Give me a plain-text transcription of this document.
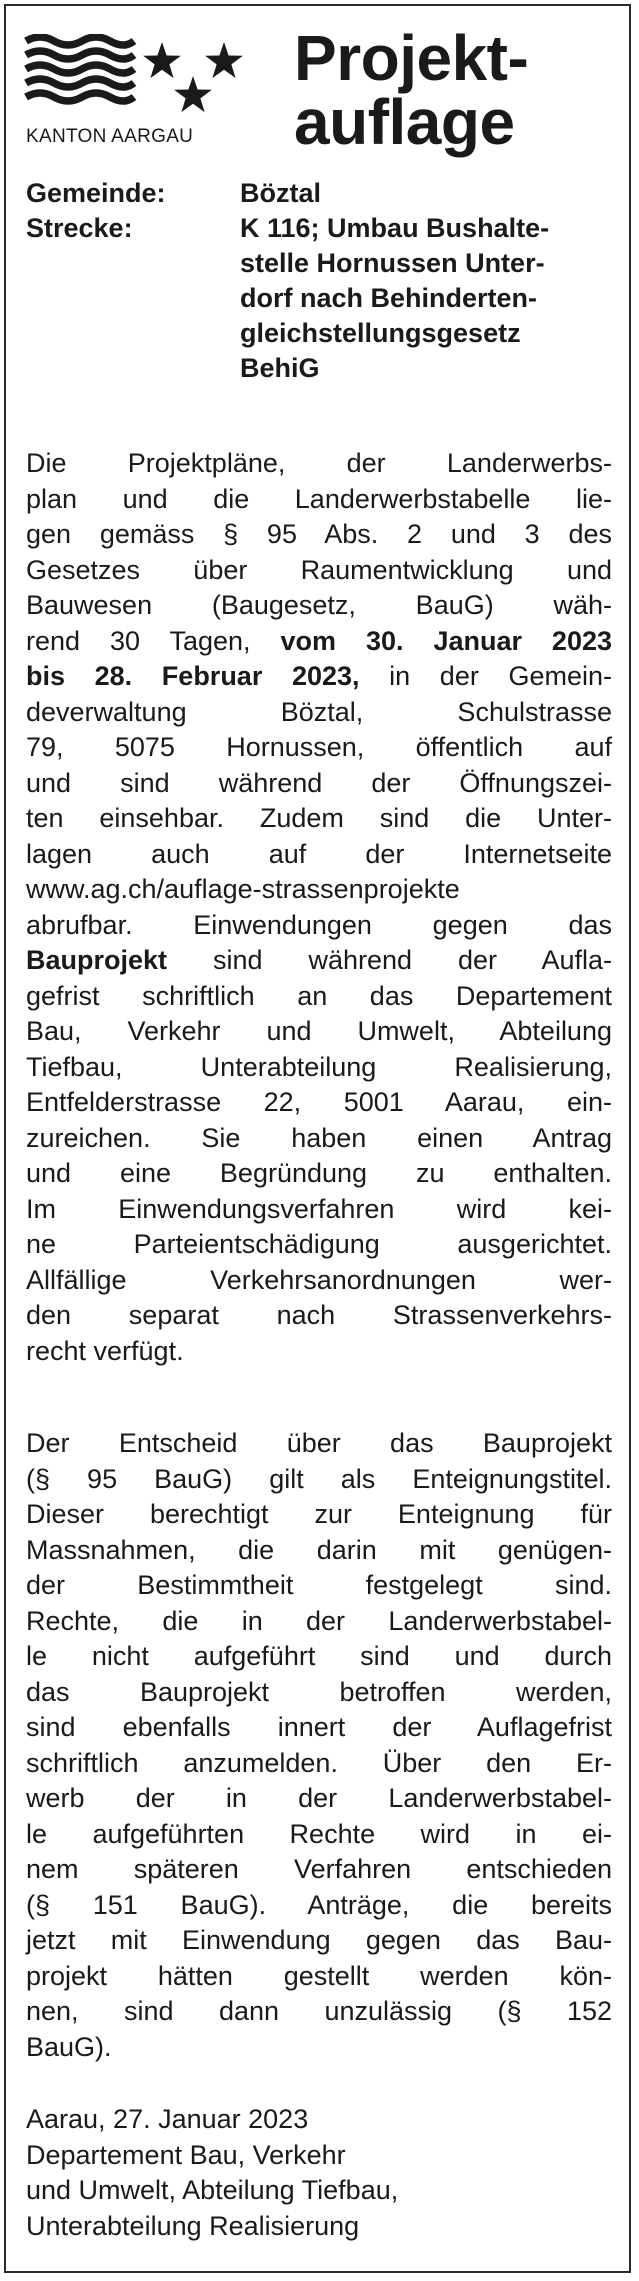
KANTON AARGAU
Projekt-
auflage
Gemeinde:	Böztal
Strecke:	K 116; Umbau Bushalte-
stelle Hornussen Unter-
dorf nach Behinderten-
gleichstellungsgesetz
BehiG
Die Projektpläne, der Landerwerbs-
plan und die Landerwerbstabelle lie-
gen gemäss § 95 Abs. 2 und 3 des
Gesetzes über Raumentwicklung und
Bauwesen (Baugesetz, BauG) wäh-
rend 30 Tagen, vom 30. Januar 2023
bis 28. Februar 2023, in der Gemein-
deverwaltung Böztal, Schulstrasse
79, 5075 Hornussen, öffentlich auf
und sind während der Öffnungszei-
ten einsehbar. Zudem sind die Unter-
lagen auch auf der Internetseite
www.ag.ch/auflage-strassenprojekte
abrufbar. Einwendungen gegen das
Bauprojekt sind während der Aufla-
gefrist schriftlich an das Departement
Bau, Verkehr und Umwelt, Abteilung
Tiefbau, Unterabteilung Realisierung,
Entfelderstrasse 22, 5001 Aarau, ein-
zureichen. Sie haben einen Antrag
und eine Begründung zu enthalten.
Im Einwendungsverfahren wird kei-
ne Parteientschädigung ausgerichtet.
Allfällige Verkehrsanordnungen wer-
den separat nach Strassenverkehrs-
recht verfügt.
Der Entscheid über das Bauprojekt
(§ 95 BauG) gilt als Enteignungstitel.
Dieser berechtigt zur Enteignung für
Massnahmen, die darin mit genügen-
der Bestimmtheit festgelegt sind.
Rechte, die in der Landerwerbstabel-
le nicht aufgeführt sind und durch
das Bauprojekt betroffen werden,
sind ebenfalls innert der Auflagefrist
schriftlich anzumelden. Über den Er-
werb der in der Landerwerbstabel-
le aufgeführten Rechte wird in ei-
nem späteren Verfahren entschieden
(§ 151 BauG). Anträge, die bereits
jetzt mit Einwendung gegen das Bau-
projekt hätten gestellt werden kön-
nen, sind dann unzulässig (§ 152
BauG).
Aarau, 27. Januar 2023
Departement Bau, Verkehr
und Umwelt, Abteilung Tiefbau,
Unterabteilung Realisierung
